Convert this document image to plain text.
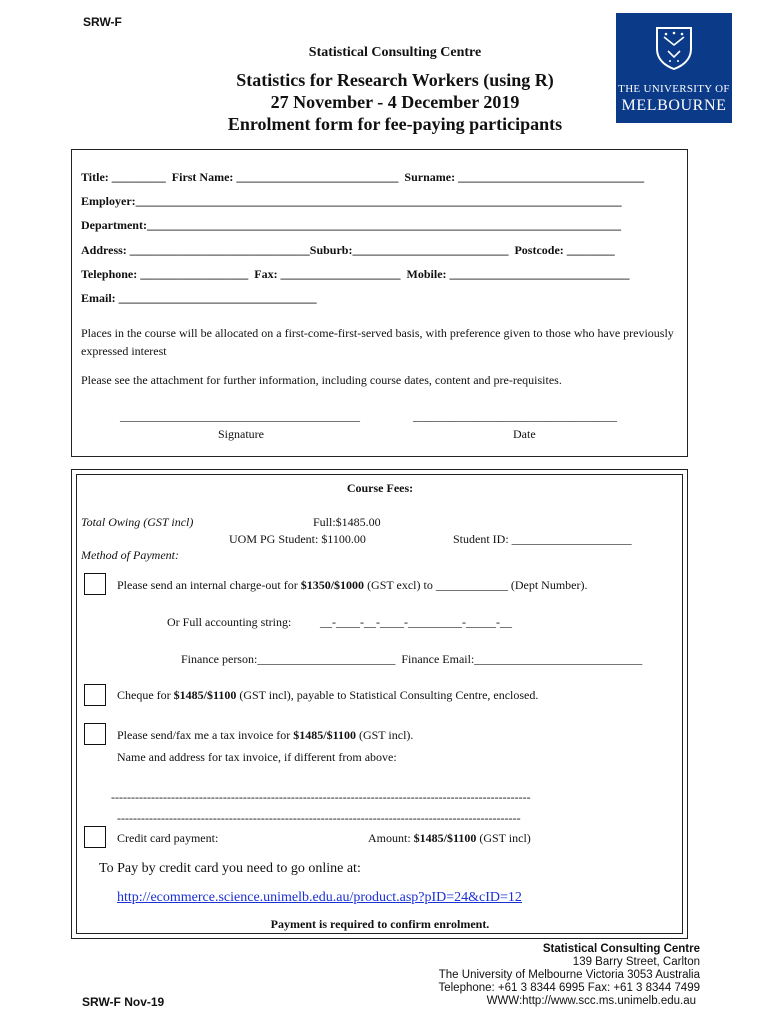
SRW-F
Statistical Consulting Centre
Statistics for Research Workers (using R)
27 November - 4 December 2019
Enrolment form for fee-paying participants
THE UNIVERSITY OF
MELBOURNE
Title: _________  First Name: ___________________________  Surname: _______________________________
Employer:_________________________________________________________________________________
Department:_______________________________________________________________________________
Address: ______________________________Suburb:__________________________  Postcode: ________
Telephone: __________________  Fax: ____________________  Mobile: ______________________________
Email: _________________________________
Places in the course will be allocated on a first-come-first-served basis, with preference given to those who have previously expressed interest
Please see the attachment for further information, including course dates, content and pre-requisites.
________________________________________	__________________________________
Signature	Date
Course Fees:
Total Owing (GST incl)	Full:$1485.00
UOM PG Student: $1100.00	Student ID: ____________________
Method of Payment:
Please send an internal charge-out for $1350/$1000 (GST excl) to ____________ (Dept Number).
Or Full accounting string: __-____-__-____-_________-_____-__
Finance person:_______________________  Finance Email:____________________________
Cheque for $1485/$1100 (GST incl), payable to Statistical Consulting Centre, enclosed.
Please send/fax me a tax invoice for $1485/$1100 (GST incl).
Name and address for tax invoice, if different from above:
---------------------------------------------------------------------------------------------------------
-----------------------------------------------------------------------------------------------------
Credit card payment:	Amount: $1485/$1100 (GST incl)
To Pay by credit card you need to go online at:
http://ecommerce.science.unimelb.edu.au/product.asp?pID=24&cID=12
Payment is required to confirm enrolment.
SRW-F Nov-19
Statistical Consulting Centre
139 Barry Street, Carlton
The University of Melbourne Victoria 3053 Australia
Telephone: +61 3 8344 6995 Fax: +61 3 8344 7499
WWW:http://www.scc.ms.unimelb.edu.au
